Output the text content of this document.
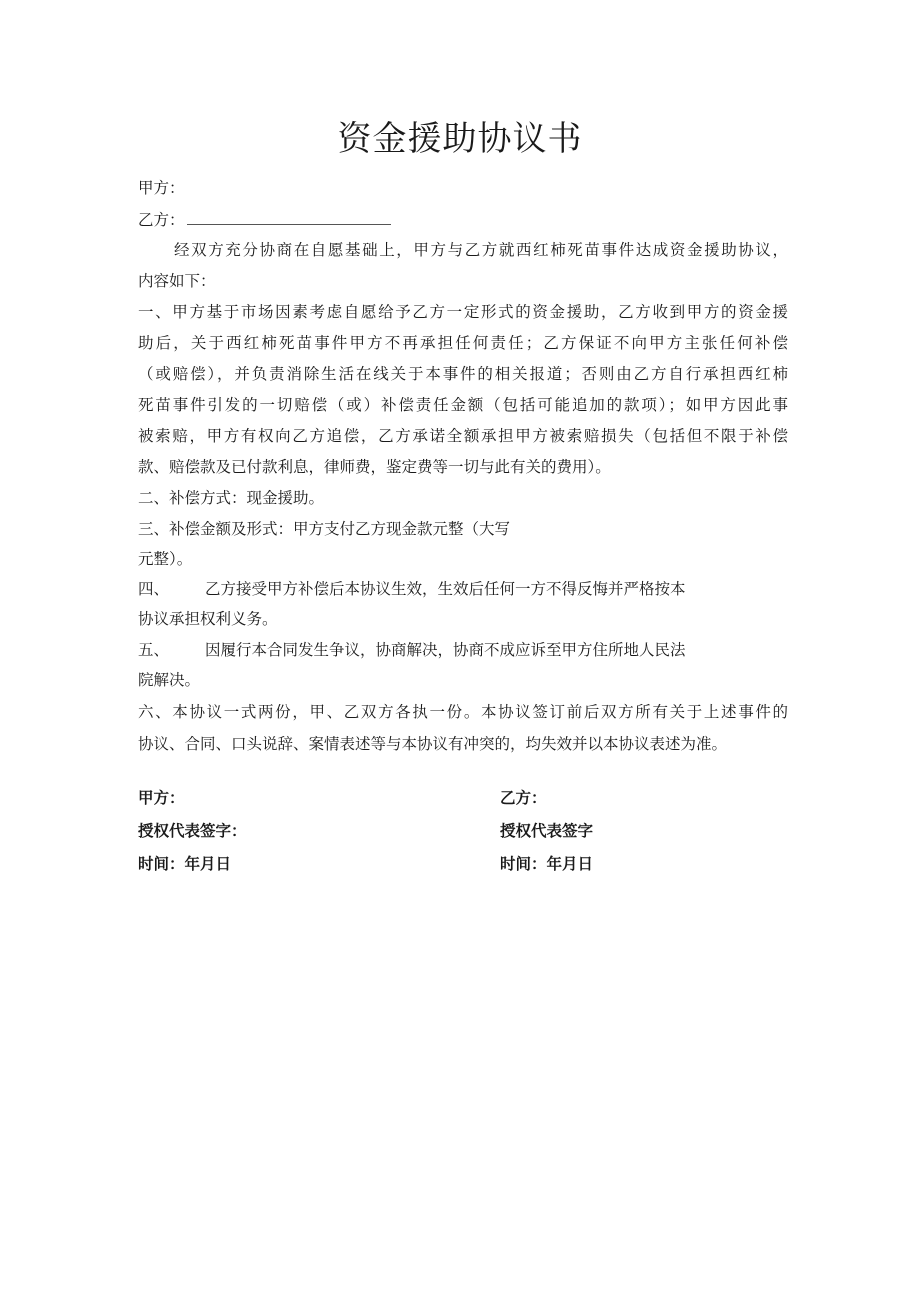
资金援助协议书
甲方：
乙方：
经双方充分协商在自愿基础上，甲方与乙方就西红柿死苗事件达成资金援助协议，
内容如下：
一、甲方基于市场因素考虑自愿给予乙方一定形式的资金援助，乙方收到甲方的资金援
助后，关于西红柿死苗事件甲方不再承担任何责任；乙方保证不向甲方主张任何补偿
（或赔偿），并负责消除生活在线关于本事件的相关报道；否则由乙方自行承担西红柿
死苗事件引发的一切赔偿（或）补偿责任金额（包括可能追加的款项）；如甲方因此事
被索赔，甲方有权向乙方追偿，乙方承诺全额承担甲方被索赔损失（包括但不限于补偿
款、赔偿款及已付款利息，律师费，鉴定费等一切与此有关的费用）。
二、补偿方式：现金援助。
三、补偿金额及形式：甲方支付乙方现金款元整（大写
元整）。
四、 乙方接受甲方补偿后本协议生效，生效后任何一方不得反悔并严格按本
协议承担权利义务。
五、 因履行本合同发生争议，协商解决，协商不成应诉至甲方住所地人民法
院解决。
六、本协议一式两份，甲、乙双方各执一份。本协议签订前后双方所有关于上述事件的
协议、合同、口头说辞、案情表述等与本协议有冲突的，均失效并以本协议表述为准。
甲方：
授权代表签字：
时间：年月日
乙方：
授权代表签字
时间：年月日
